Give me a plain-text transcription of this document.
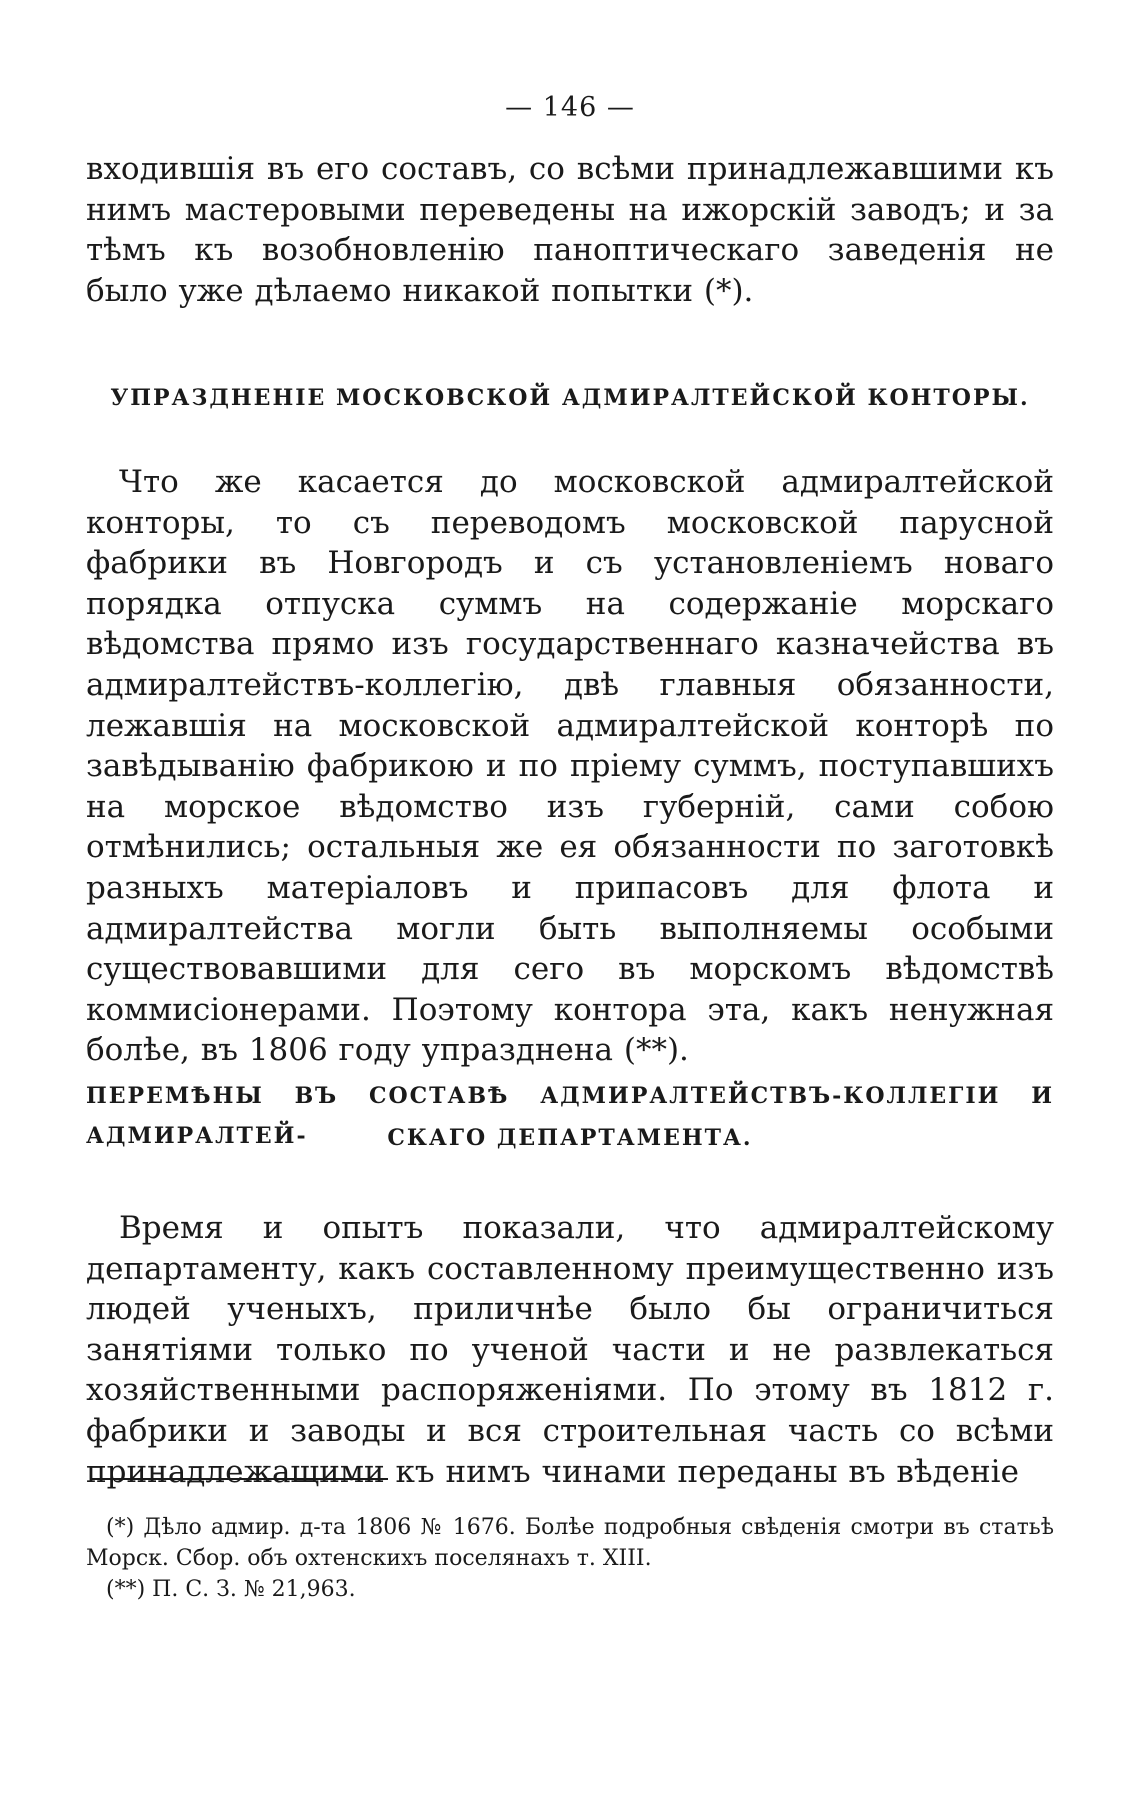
— 146 —

входившія въ его составъ, со всѣми принадлежавшими къ нимъ мастеровыми переведены на ижорскій заводъ; и за тѣмъ къ возобновленію паноптическаго заведенія не было уже дѣлаемо никакой попытки (*).

УПРАЗДНЕНІЕ МОСКОВСКОЙ АДМИРАЛТЕЙСКОЙ КОНТОРЫ.

Что же касается до московской адмиралтейской конторы, то съ переводомъ московской парусной фабрики въ Новгородъ и съ установленіемъ новаго порядка отпуска суммъ на содержаніе морскаго вѣдомства прямо изъ государственнаго казначейства въ адмиралтействъ-коллегію, двѣ главныя обязанности, лежавшія на московской адмиралтейской конторѣ по завѣдыванію фабрикою и по пріему суммъ, поступавшихъ на морское вѣдомство изъ губерній, сами собою отмѣнились; остальныя же ея обязанности по заготовкѣ разныхъ матеріаловъ и припасовъ для флота и адмиралтейства могли быть выполняемы особыми существовавшими для сего въ морскомъ вѣдомствѣ коммисіонерами. Поэтому контора эта, какъ ненужная болѣе, въ 1806 году упразднена (**).

ПЕРЕМѢНЫ ВЪ СОСТАВѢ АДМИРАЛТЕЙСТВЪ-КОЛЛЕГІИ И АДМИРАЛТЕЙ-	СКАГО ДЕПАРТАМЕНТА.

Время и опытъ показали, что адмиралтейскому департаменту, какъ составленному преимущественно изъ людей ученыхъ, приличнѣе было бы ограничиться занятіями только по ученой части и не развлекаться хозяйственными распоряженіями. По этому въ 1812 г. фабрики и заводы и вся строительная часть со всѣми принадлежащими къ нимъ чинами переданы въ вѣденіе

(*) Дѣло адмир. д-та 1806 № 1676. Болѣе подробныя свѣденія смотри въ статьѣ Морск. Сбор. объ охтенскихъ поселянахъ т. XIII.

(**) П. С. З. № 21,963.
